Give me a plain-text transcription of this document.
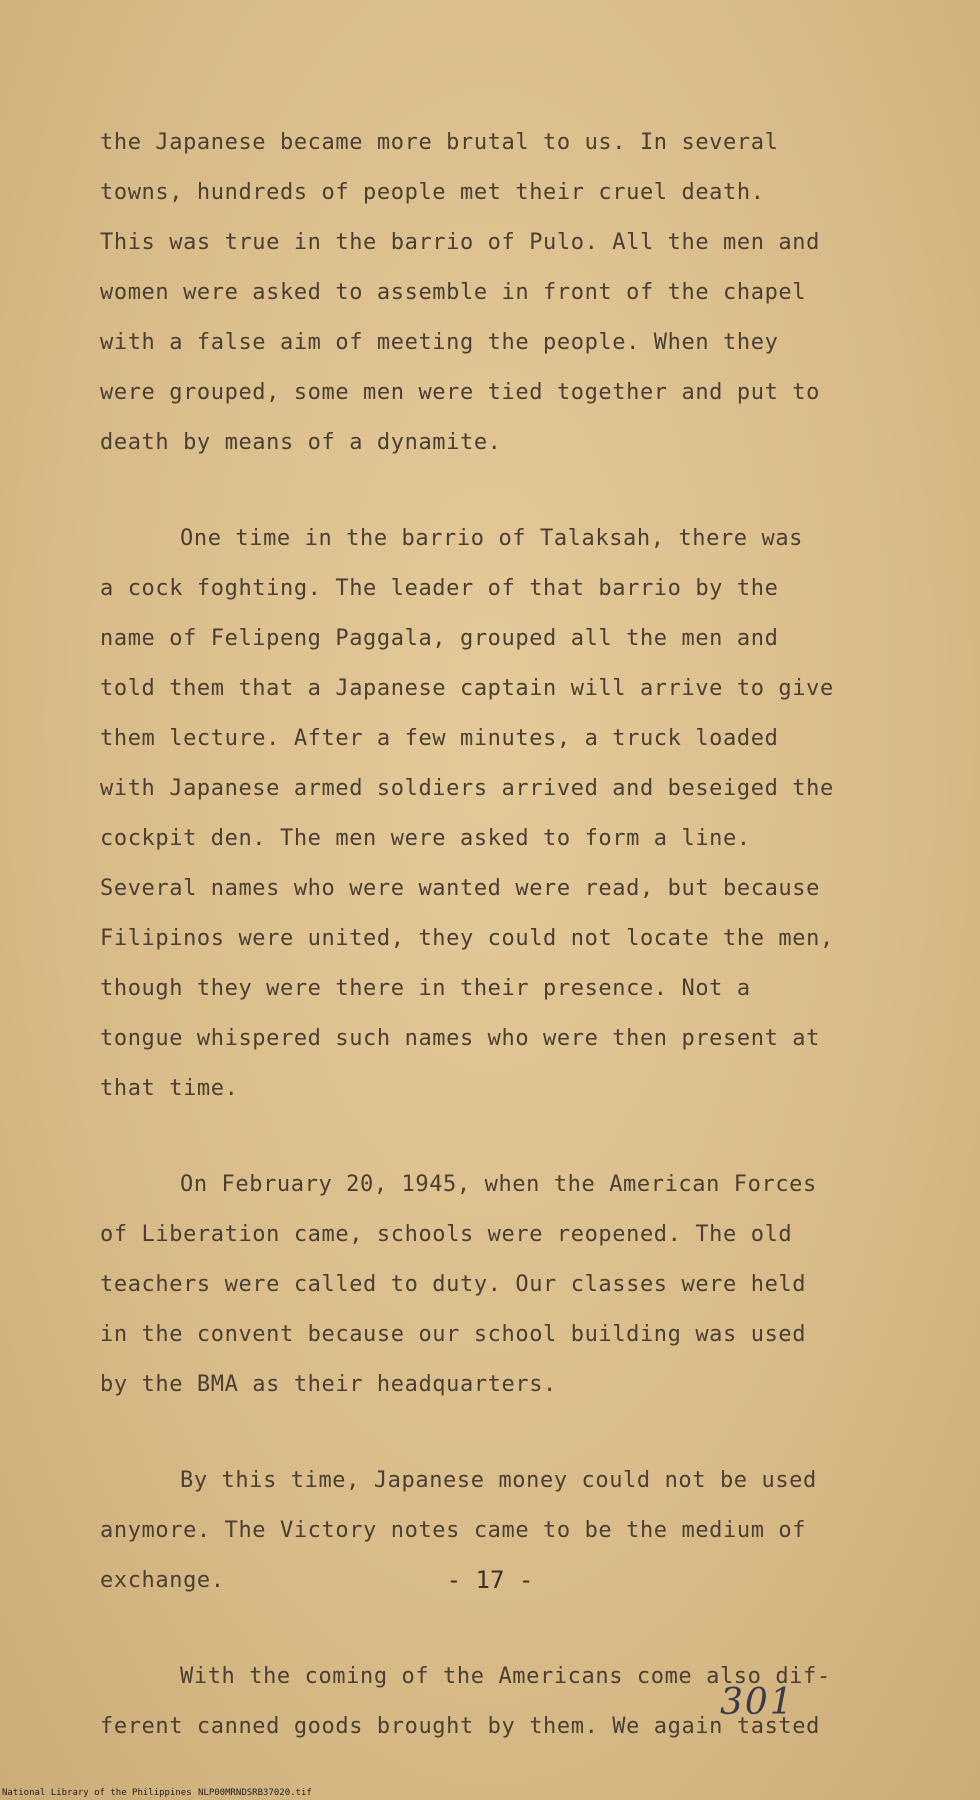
the Japanese became more brutal to us. In several
towns, hundreds of people met their cruel death.
This was true in the barrio of Pulo. All the men and
women were asked to assemble in front of the chapel
with a false aim of meeting the people. When they
were grouped, some men were tied together and put to
death by means of a dynamite.
One time in the barrio of Talaksah, there was
a cock foghting. The leader of that barrio by the
name of Felipeng Paggala, grouped all the men and
told them that a Japanese captain will arrive to give
them lecture. After a few minutes, a truck loaded
with Japanese armed soldiers arrived and beseiged the
cockpit den. The men were asked to form a line.
Several names who were wanted were read, but because
Filipinos were united, they could not locate the men,
though they were there in their presence. Not a
tongue whispered such names who were then present at
that time.
On February 20, 1945, when the American Forces
of Liberation came, schools were reopened. The old
teachers were called to duty. Our classes were held
in the convent because our school building was used
by the BMA as their headquarters.
By this time, Japanese money could not be used
anymore. The Victory notes came to be the medium of
exchange.
With the coming of the Americans come also dif-
ferent canned goods brought by them. We again tasted
- 17 -
301
National Library of the Philippines NLP00MRNDSRB37020.tif
